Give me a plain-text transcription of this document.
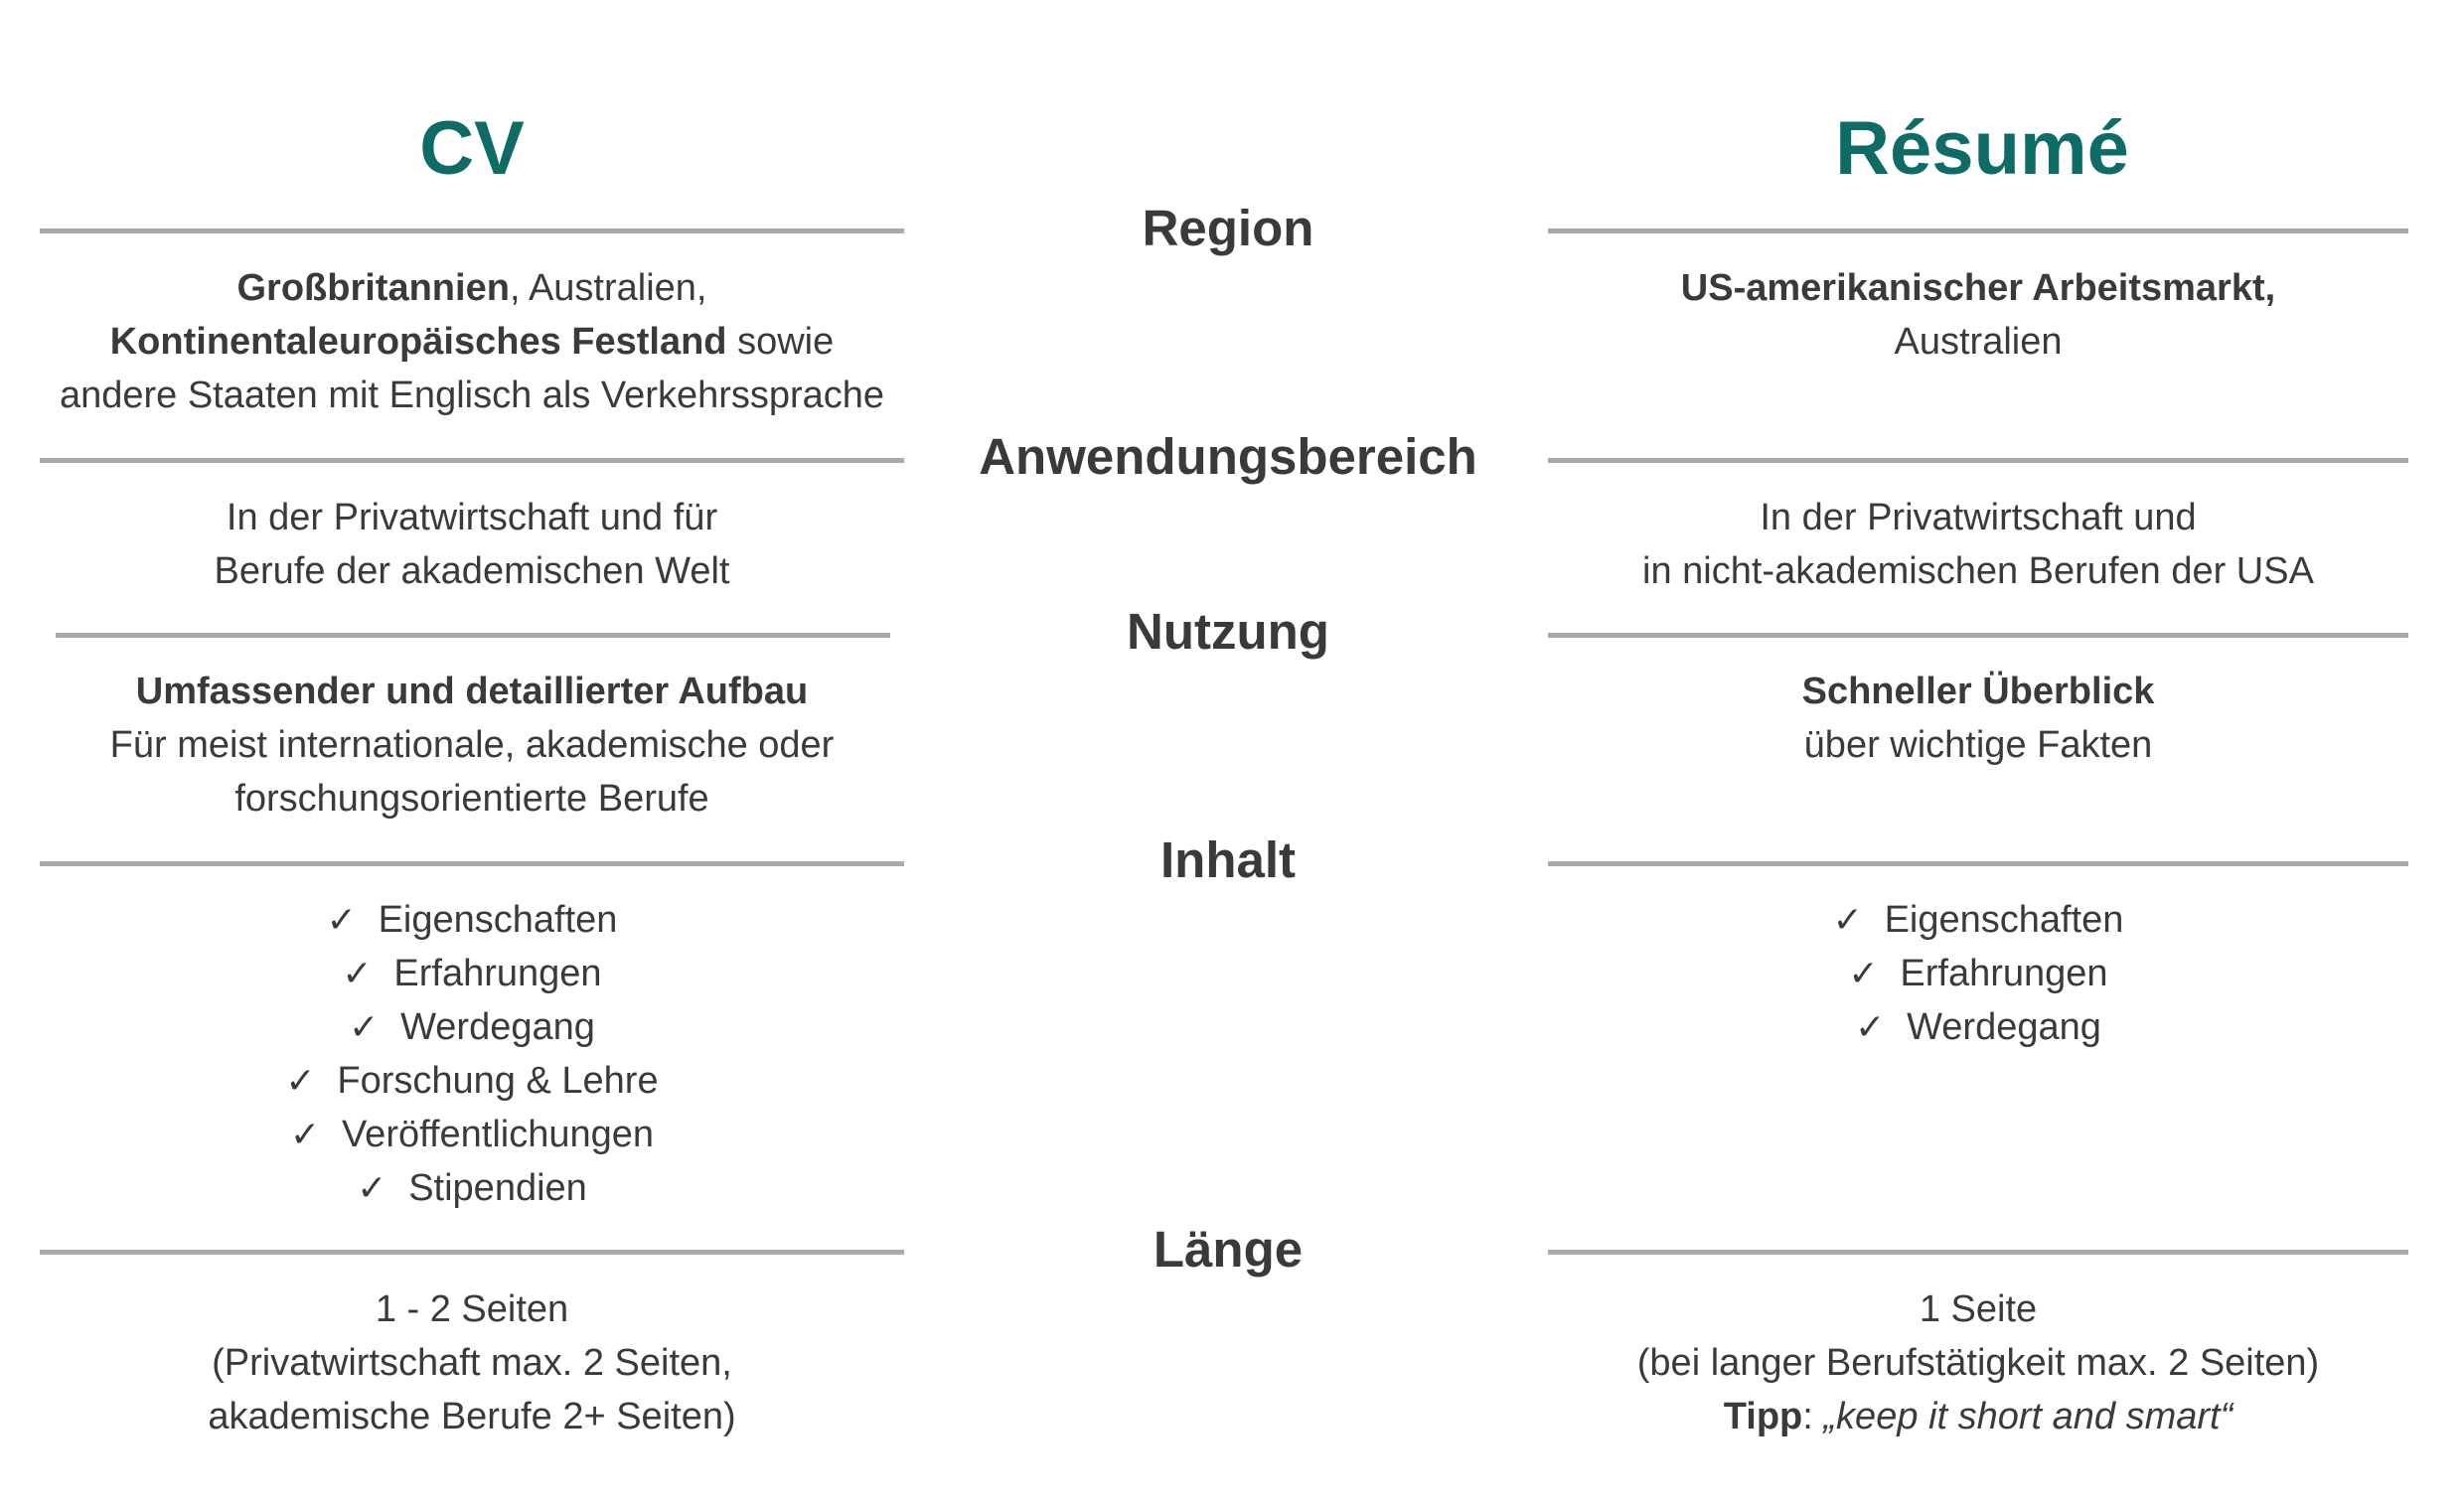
CV	Résumé
Region
Großbritannien, Australien,
Kontinentaleuropäisches Festland sowie
andere Staaten mit Englisch als Verkehrssprache
US-amerikanischer Arbeitsmarkt,
Australien
Anwendungsbereich
In der Privatwirtschaft und für
Berufe der akademischen Welt
In der Privatwirtschaft und
in nicht-akademischen Berufen der USA
Nutzung
Umfassender und detaillierter Aufbau
Für meist internationale, akademische oder
forschungsorientierte Berufe
Schneller Überblick
über wichtige Fakten
Inhalt
✓ Eigenschaften
✓ Erfahrungen
✓ Werdegang
✓ Forschung & Lehre
✓ Veröffentlichungen
✓ Stipendien
✓ Eigenschaften
✓ Erfahrungen
✓ Werdegang
Länge
1 - 2 Seiten
(Privatwirtschaft max. 2 Seiten,
akademische Berufe 2+ Seiten)
1 Seite
(bei langer Berufstätigkeit max. 2 Seiten)
Tipp: „keep it short and smart“
